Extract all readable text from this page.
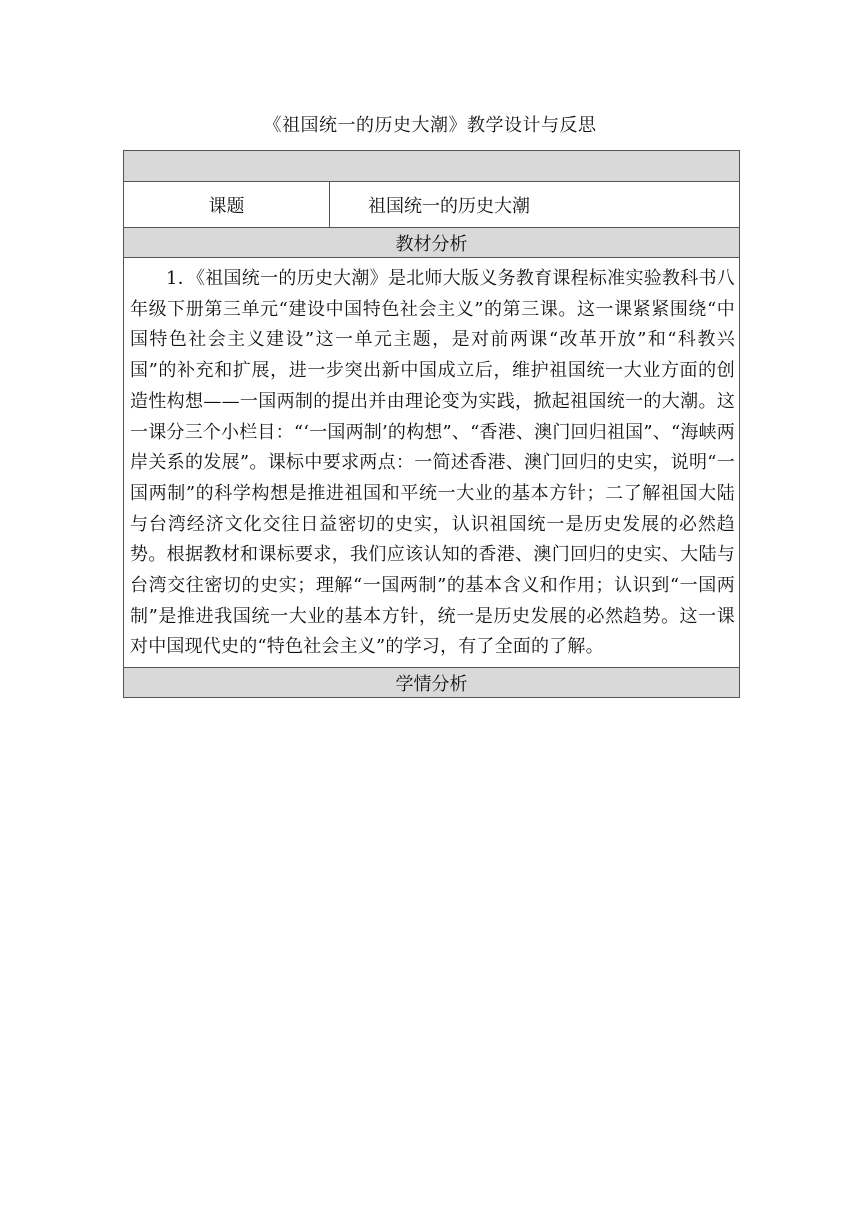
《祖国统一的历史大潮》教学设计与反思

课题	祖国统一的历史大潮
教材分析
1．《祖国统一的历史大潮》是北师大版义务教育课程标准实验教科书八年级下册第三单元“建设中国特色社会主义”的第三课。这一课紧紧围绕“中国特色社会主义建设”这一单元主题，是对前两课“改革开放”和“科教兴国”的补充和扩展，进一步突出新中国成立后，维护祖国统一大业方面的创造性构想——一国两制的提出并由理论变为实践，掀起祖国统一的大潮。这一课分三个小栏目：“‘一国两制’的构想”、“香港、澳门回归祖国”、“海峡两岸关系的发展”。课标中要求两点：一简述香港、澳门回归的史实，说明“一国两制”的科学构想是推进祖国和平统一大业的基本方针；二了解祖国大陆与台湾经济文化交往日益密切的史实，认识祖国统一是历史发展的必然趋势。根据教材和课标要求，我们应该认知的香港、澳门回归的史实、大陆与台湾交往密切的史实；理解“一国两制”的基本含义和作用；认识到“一国两制”是推进我国统一大业的基本方针，统一是历史发展的必然趋势。这一课对中国现代史的“特色社会主义”的学习，有了全面的了解。
学情分析
